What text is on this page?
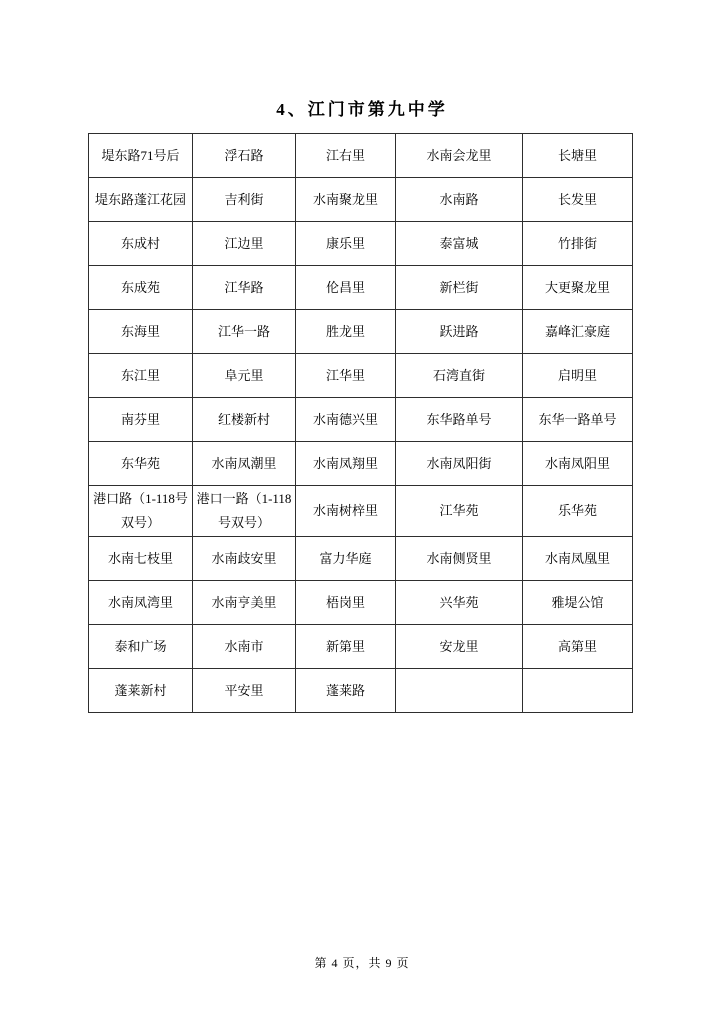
4、江门市第九中学
堤东路71号后	浮石路	江右里	水南会龙里	长塘里
堤东路蓬江花园	吉利街	水南聚龙里	水南路	长发里
东成村	江边里	康乐里	泰富城	竹排街
东成苑	江华路	伦昌里	新栏街	大更聚龙里
东海里	江华一路	胜龙里	跃进路	嘉峰汇豪庭
东江里	阜元里	江华里	石湾直街	启明里
南芬里	红楼新村	水南德兴里	东华路单号	东华一路单号
东华苑	水南凤潮里	水南凤翔里	水南凤阳街	水南凤阳里
港口路（1-118号双号）	港口一路（1-118号双号）	水南树梓里	江华苑	乐华苑
水南七枝里	水南歧安里	富力华庭	水南侧贤里	水南凤凰里
水南凤湾里	水南亨美里	梧岗里	兴华苑	雅堤公馆
泰和广场	水南市	新第里	安龙里	高第里
蓬莱新村	平安里	蓬莱路		

第 4 页，共 9 页
